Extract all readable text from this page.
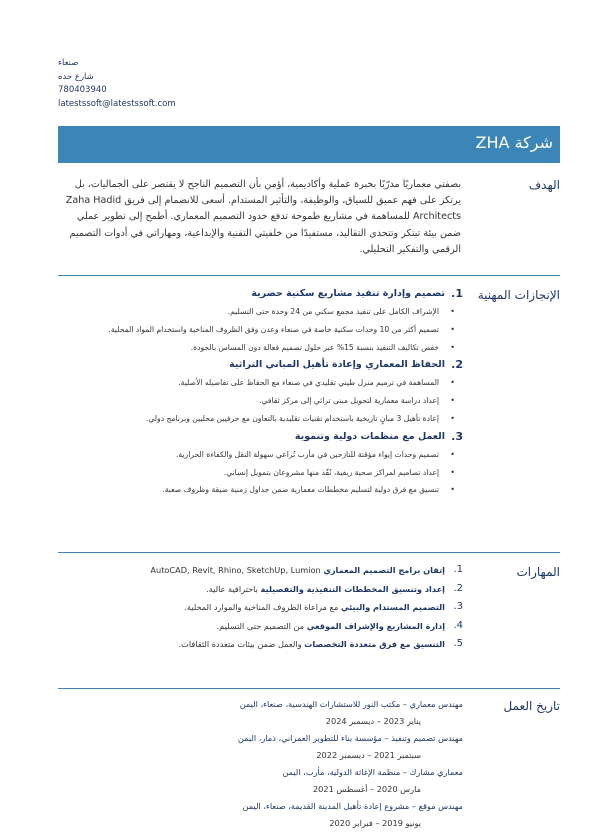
صنعاء
شارع حده
780403940
latestssoft@latestssoft.com
شركة ZHA
الهدف
بصفتي معماريًا مدرّبًا بخبرة عملية وأكاديمية، أؤمن بأن التصميم الناجح لا يقتصر على الجماليات، بل يرتكز على فهم عميق للسياق، والوظيفة، والتأثير المستدام. أسعى للانضمام إلى فريق Zaha Hadid Architects للمساهمة في مشاريع طموحة تدفع حدود التصميم المعماري. أطمح إلى تطوير عملي ضمن بيئة تبتكر وتتحدى التقاليد، مستفيدًا من خلفيتي التقنية والإبداعية، ومهاراتي في أدوات التصميم الرقمي والتفكير التحليلي.
الإنجازات المهنية
1.
تصميم وإدارة تنفيذ مشاريع سكنية حضرية
• الإشراف الكامل على تنفيذ مجمع سكني من 24 وحدة حتى التسليم.
• تصميم أكثر من 10 وحدات سكنية خاصة في صنعاء وعدن وفق الظروف المناخية واستخدام المواد المحلية.
• خفض تكاليف التنفيذ بنسبة 15% عبر حلول تصميم فعالة دون المساس بالجودة.
2.
الحفاظ المعماري وإعادة تأهيل المباني التراثية
• المساهمة في ترميم منزل طيني تقليدي في صنعاء مع الحفاظ على تفاصيله الأصلية.
• إعداد دراسة معمارية لتحويل مبنى تراثي إلى مركز ثقافي.
• إعادة تأهيل 3 مبانٍ تاريخية باستخدام تقنيات تقليدية بالتعاون مع حرفيين محليين وبرنامج دولي.
3.
العمل مع منظمات دولية وتنموية
• تصميم وحدات إيواء مؤقتة للنازحين في مأرب تُراعي سهولة النقل والكفاءة الحرارية.
• إعداد تصاميم لمراكز صحية ريفية، نُفّذ منها مشروعان بتمويل إنساني.
• تنسيق مع فرق دولية لتسليم مخططات معمارية ضمن جداول زمنية ضيقة وظروف صعبة.
المهارات
1.
إتقان برامج التصميم المعماري AutoCAD, Revit, Rhino, SketchUp, Lumion
2.
إعداد وتنسيق المخططات التنفيذية والتفصيلية باحترافية عالية.
3.
التصميم المستدام والبيئي مع مراعاة الظروف المناخية والموارد المحلية.
4.
إدارة المشاريع والإشراف الموقعي من التصميم حتى التسليم.
5.
التنسيق مع فرق متعددة التخصصات والعمل ضمن بيئات متعددة الثقافات.
تاريخ العمل
مهندس معماري – مكتب النور للاستشارات الهندسية، صنعاء، اليمن
يناير 2023 – ديسمبر 2024
مهندس تصميم وتنفيذ – مؤسسة بناء للتطوير العمراني، ذمار، اليمن
سبتمبر 2021 – ديسمبر 2022
معماري مشارك – منظمة الإغاثة الدولية، مأرب، اليمن
مارس 2020 – أغسطس 2021
مهندس موقع – مشروع إعادة تأهيل المدينة القديمة، صنعاء، اليمن
يونيو 2019 – فبراير 2020
